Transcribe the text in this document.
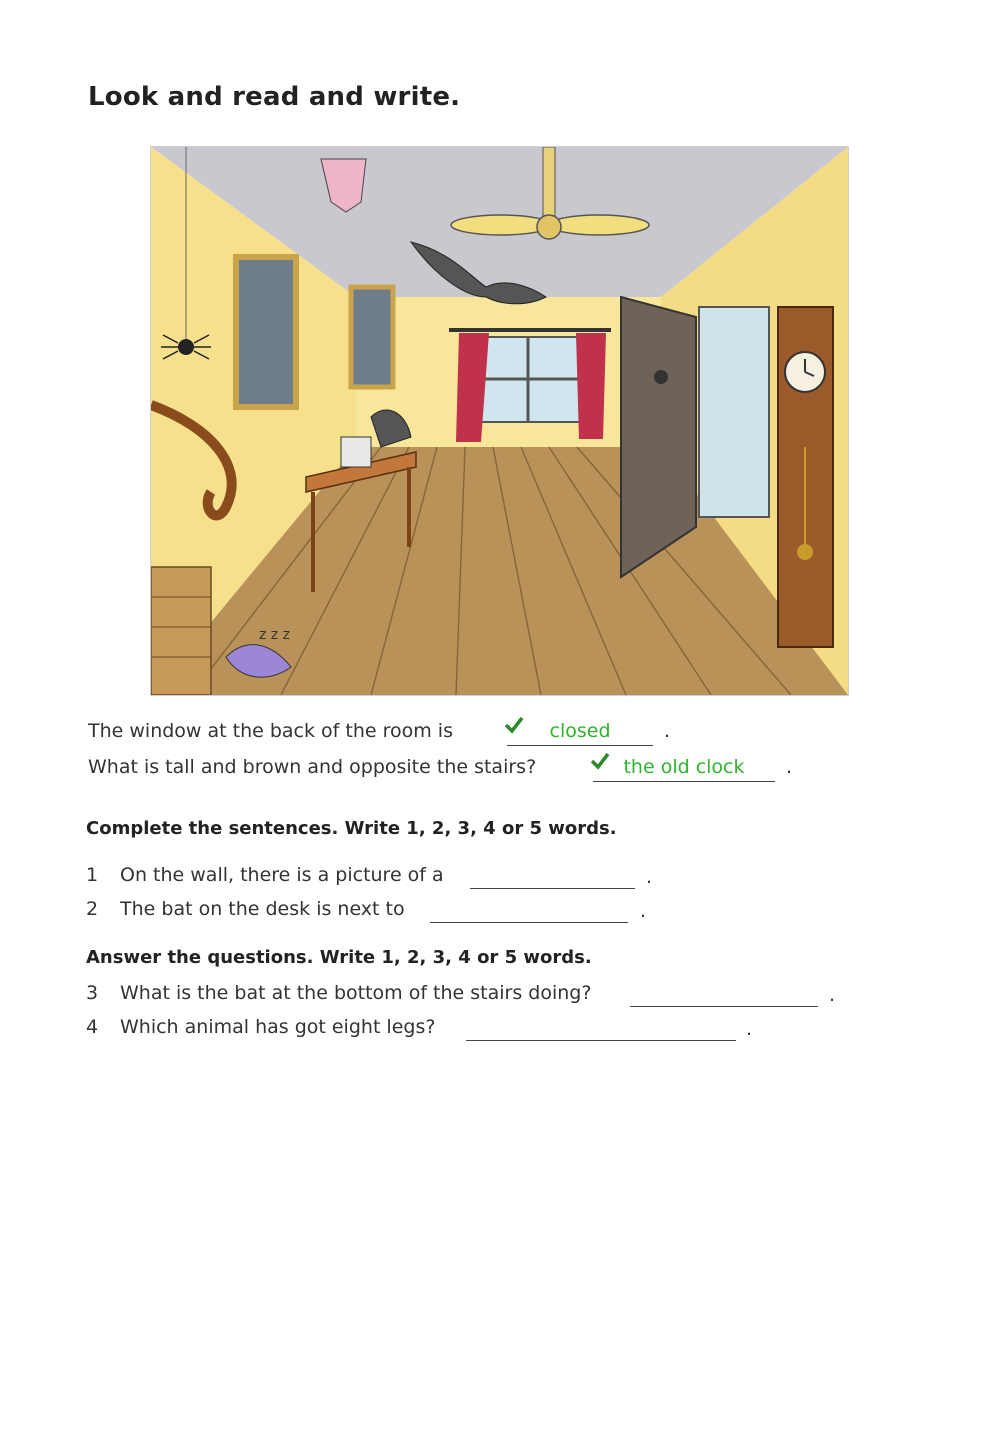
Look and read and write.
z z z
The window at the back of the room is	closed	.
What is tall and brown and opposite the stairs?	the old clock	.
Complete the sentences. Write 1, 2, 3, 4 or 5 words.
1 On the wall, there is a picture of a	.
2 The bat on the desk is next to	.
Answer the questions. Write 1, 2, 3, 4 or 5 words.
3 What is the bat at the bottom of the stairs doing?	.
4 Which animal has got eight legs?	.
